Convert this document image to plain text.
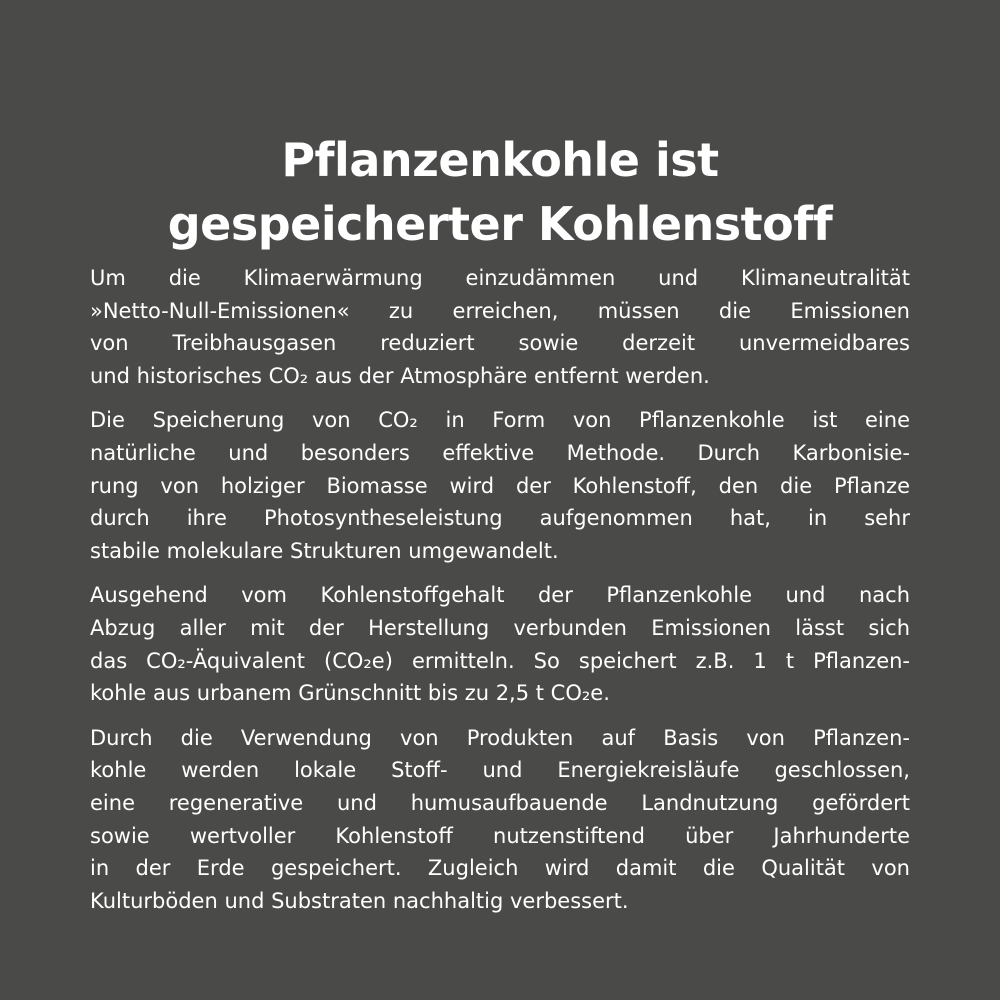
Pflanzenkohle ist
gespeicherter Kohlenstoff

Um die Klimaerwärmung einzudämmen und Klimaneutralität
»Netto-Null-Emissionen« zu erreichen, müssen die Emissionen
von Treibhausgasen reduziert sowie derzeit unvermeidbares
und historisches CO₂ aus der Atmosphäre entfernt werden.

Die Speicherung von CO₂ in Form von Pflanzenkohle ist eine
natürliche und besonders effektive Methode. Durch Karbonisie-
rung von holziger Biomasse wird der Kohlenstoff, den die Pflanze
durch ihre Photosyntheseleistung aufgenommen hat, in sehr
stabile molekulare Strukturen umgewandelt.

Ausgehend vom Kohlenstoffgehalt der Pflanzenkohle und nach
Abzug aller mit der Herstellung verbunden Emissionen lässt sich
das CO₂-Äquivalent (CO₂e) ermitteln. So speichert z.B. 1 t Pflanzen-
kohle aus urbanem Grünschnitt bis zu 2,5 t CO₂e.

Durch die Verwendung von Produkten auf Basis von Pflanzen-
kohle werden lokale Stoff- und Energiekreisläufe geschlossen,
eine regenerative und humusaufbauende Landnutzung gefördert
sowie wertvoller Kohlenstoff nutzenstiftend über Jahrhunderte
in der Erde gespeichert. Zugleich wird damit die Qualität von
Kulturböden und Substraten nachhaltig verbessert.
